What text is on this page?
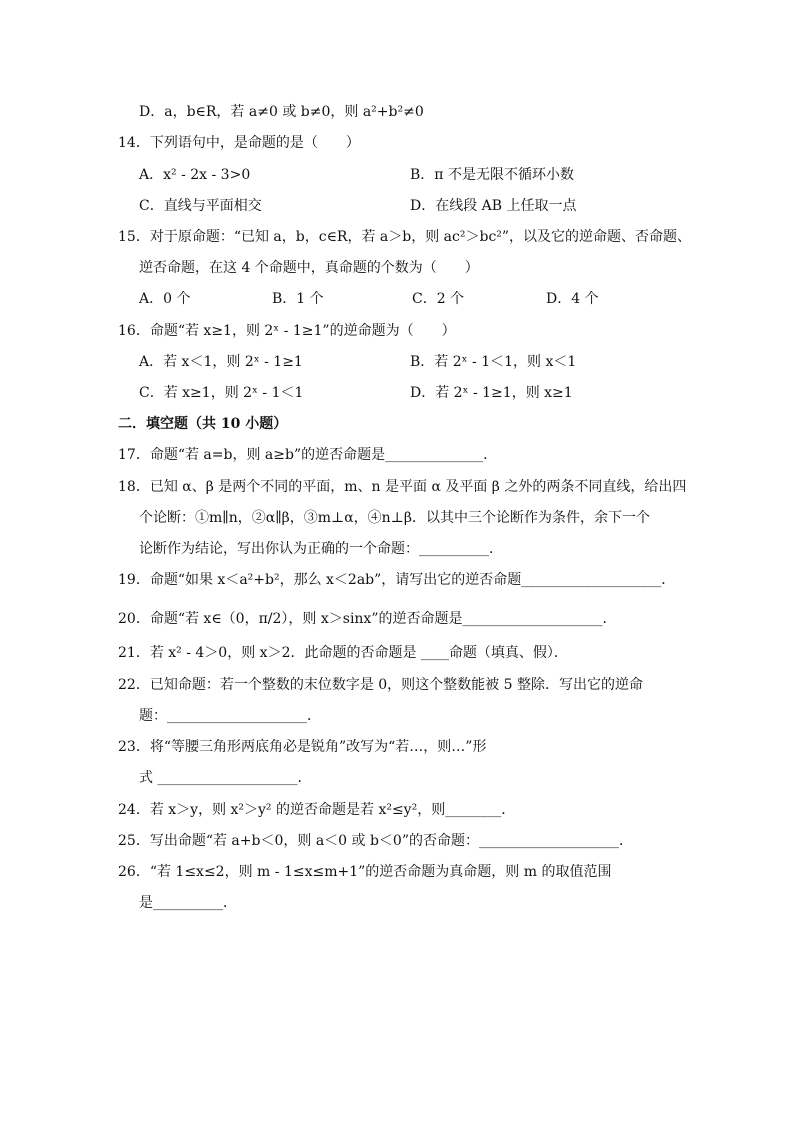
D．a，b∈R，若 a≠0 或 b≠0，则 a²+b²≠0
14．下列语句中，是命题的是（　　）
A．x² - 2x - 3>0	B．π 不是无限不循环小数
C．直线与平面相交	D．在线段 AB 上任取一点
15．对于原命题：“已知 a，b，c∈R，若 a＞b，则 ac²＞bc²”，以及它的逆命题、否命题、
逆否命题，在这 4 个命题中，真命题的个数为（　　）
A．0 个	B．1 个	C．2 个	D．4 个
16．命题“若 x≥1，则 2ˣ - 1≥1”的逆命题为（　　）
A．若 x＜1，则 2ˣ - 1≥1	B．若 2ˣ - 1＜1，则 x＜1
C．若 x≥1，则 2ˣ - 1＜1	D．若 2ˣ - 1≥1，则 x≥1
二．填空题（共 10 小题）
17．命题“若 a=b，则 a≥b”的逆否命题是______________．
18．已知 α、β 是两个不同的平面，m、n 是平面 α 及平面 β 之外的两条不同直线，给出四
个论断：①m∥n，②α∥β，③m⊥α，④n⊥β．以其中三个论断作为条件，余下一个
论断作为结论，写出你认为正确的一个命题：__________．
19．命题“如果 x＜a²+b²，那么 x＜2ab”，请写出它的逆否命题____________________．
20．命题“若 x∈（0，π/2），则 x＞sinx”的逆否命题是____________________．
21．若 x² - 4＞0，则 x＞2．此命题的否命题是 ____命题（填真、假）．
22．已知命题：若一个整数的末位数字是 0，则这个整数能被 5 整除．写出它的逆命
题：____________________．
23．将“等腰三角形两底角必是锐角”改写为“若…，则…”形
式 ____________________．
24．若 x＞y，则 x²＞y² 的逆否命题是若 x²≤y²，则________．
25．写出命题“若 a+b＜0，则 a＜0 或 b＜0”的否命题：____________________．
26．“若 1≤x≤2，则 m - 1≤x≤m+1”的逆否命题为真命题，则 m 的取值范围
是__________．
